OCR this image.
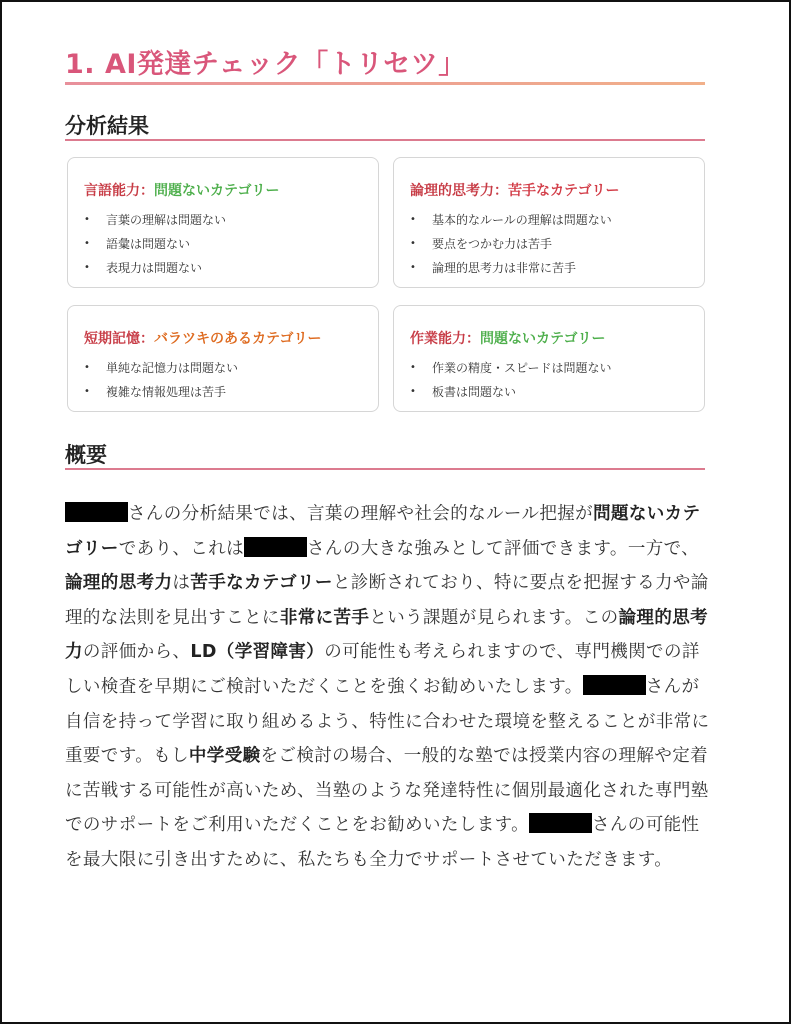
1. AI発達チェック「トリセツ」
分析結果
言語能力：問題ないカテゴリー
• 言葉の理解は問題ない
• 語彙は問題ない
• 表現力は問題ない
論理的思考力：苦手なカテゴリー
• 基本的なルールの理解は問題ない
• 要点をつかむ力は苦手
• 論理的思考力は非常に苦手
短期記憶：バラツキのあるカテゴリー
• 単純な記憶力は問題ない
• 複雑な情報処理は苦手
作業能力：問題ないカテゴリー
• 作業の精度・スピードは問題ない
• 板書は問題ない
概要

さんの分析結果では、言葉の理解や社会的なルール把握が問題ないカテゴリーであり、これは	さんの大きな強みとして評価できます。一方で、論理的思考力は苦手なカテゴリーと診断されており、特に要点を把握する力や論理的な法則を見出すことに非常に苦手という課題が見られます。この論理的思考力の評価から、LD（学習障害）の可能性も考えられますので、専門機関での詳しい検査を早期にご検討いただくことを強くお勧めいたします。	さんが自信を持って学習に取り組めるよう、特性に合わせた環境を整えることが非常に重要です。もし中学受験をご検討の場合、一般的な塾では授業内容の理解や定着に苦戦する可能性が高いため、当塾のような発達特性に個別最適化された専門塾でのサポートをご利用いただくことをお勧めいたします。	さんの可能性を最大限に引き出すために、私たちも全力でサポートさせていただきます。
